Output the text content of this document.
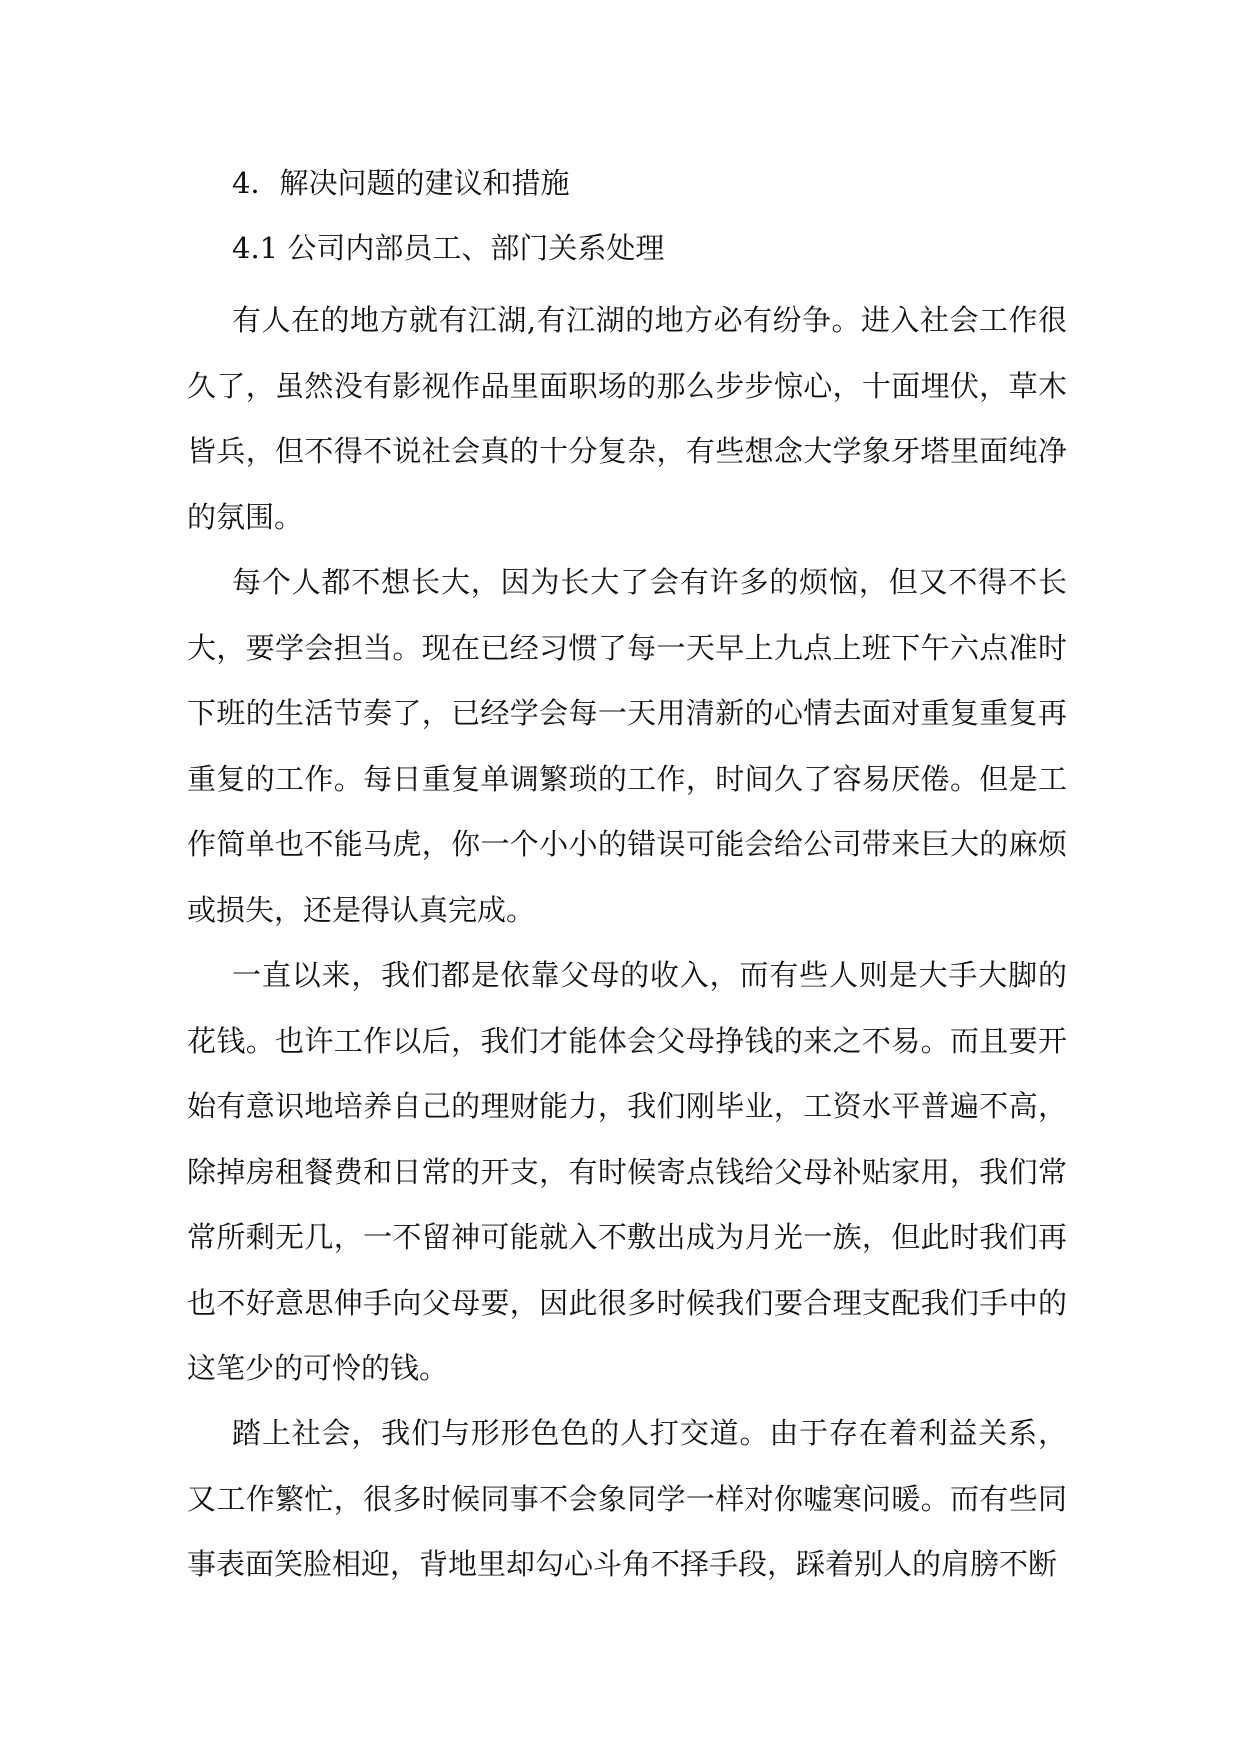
4．解决问题的建议和措施
4.1 公司内部员工、部门关系处理

有人在的地方就有江湖,有江湖的地方必有纷争。进入社会工作很久了，虽然没有影视作品里面职场的那么步步惊心，十面埋伏，草木皆兵，但不得不说社会真的十分复杂，有些想念大学象牙塔里面纯净的氛围。

每个人都不想长大，因为长大了会有许多的烦恼，但又不得不长大，要学会担当。现在已经习惯了每一天早上九点上班下午六点准时下班的生活节奏了，已经学会每一天用清新的心情去面对重复重复再重复的工作。每日重复单调繁琐的工作，时间久了容易厌倦。但是工作简单也不能马虎，你一个小小的错误可能会给公司带来巨大的麻烦或损失，还是得认真完成。

一直以来，我们都是依靠父母的收入，而有些人则是大手大脚的花钱。也许工作以后，我们才能体会父母挣钱的来之不易。而且要开始有意识地培养自己的理财能力，我们刚毕业，工资水平普遍不高，除掉房租餐费和日常的开支，有时候寄点钱给父母补贴家用，我们常常所剩无几，一不留神可能就入不敷出成为月光一族，但此时我们再也不好意思伸手向父母要，因此很多时候我们要合理支配我们手中的这笔少的可怜的钱。

踏上社会，我们与形形色色的人打交道。由于存在着利益关系，又工作繁忙，很多时候同事不会象同学一样对你嘘寒问暖。而有些同事表面笑脸相迎，背地里却勾心斗角不择手段，踩着别人的肩膀不断
